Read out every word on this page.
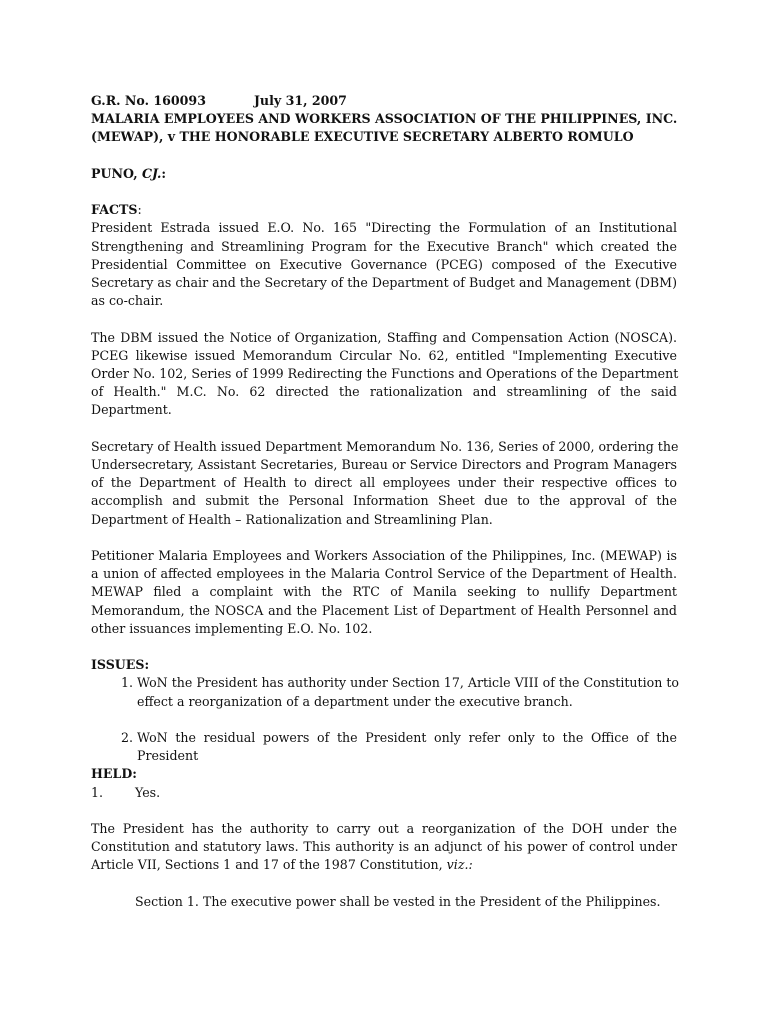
G.R. No. 160093	July 31, 2007
MALARIA EMPLOYEES AND WORKERS ASSOCIATION OF THE PHILIPPINES, INC.
(MEWAP), v THE HONORABLE EXECUTIVE SECRETARY ALBERTO ROMULO
PUNO, CJ.:
FACTS:
President Estrada issued E.O. No. 165 "Directing the Formulation of an Institutional
Strengthening and Streamlining Program for the Executive Branch" which created the
Presidential Committee on Executive Governance (PCEG) composed of the Executive
Secretary as chair and the Secretary of the Department of Budget and Management (DBM)
as co-chair.
The DBM issued the Notice of Organization, Staffing and Compensation Action (NOSCA).
PCEG likewise issued Memorandum Circular No. 62, entitled "Implementing Executive
Order No. 102, Series of 1999 Redirecting the Functions and Operations of the Department
of Health." M.C. No. 62 directed the rationalization and streamlining of the said
Department.
Secretary of Health issued Department Memorandum No. 136, Series of 2000, ordering the
Undersecretary, Assistant Secretaries, Bureau or Service Directors and Program Managers
of the Department of Health to direct all employees under their respective offices to
accomplish and submit the Personal Information Sheet due to the approval of the
Department of Health – Rationalization and Streamlining Plan.
Petitioner Malaria Employees and Workers Association of the Philippines, Inc. (MEWAP) is
a union of affected employees in the Malaria Control Service of the Department of Health.
MEWAP filed a complaint with the RTC of Manila seeking to nullify Department
Memorandum, the NOSCA and the Placement List of Department of Health Personnel and
other issuances implementing E.O. No. 102.
ISSUES:
1. WoN the President has authority under Section 17, Article VIII of the Constitution to
effect a reorganization of a department under the executive branch.
2. WoN the residual powers of the President only refer only to the Office of the
President
HELD:
1.	Yes.
The President has the authority to carry out a reorganization of the DOH under the
Constitution and statutory laws. This authority is an adjunct of his power of control under
Article VII, Sections 1 and 17 of the 1987 Constitution, viz.:
Section 1. The executive power shall be vested in the President of the Philippines.
